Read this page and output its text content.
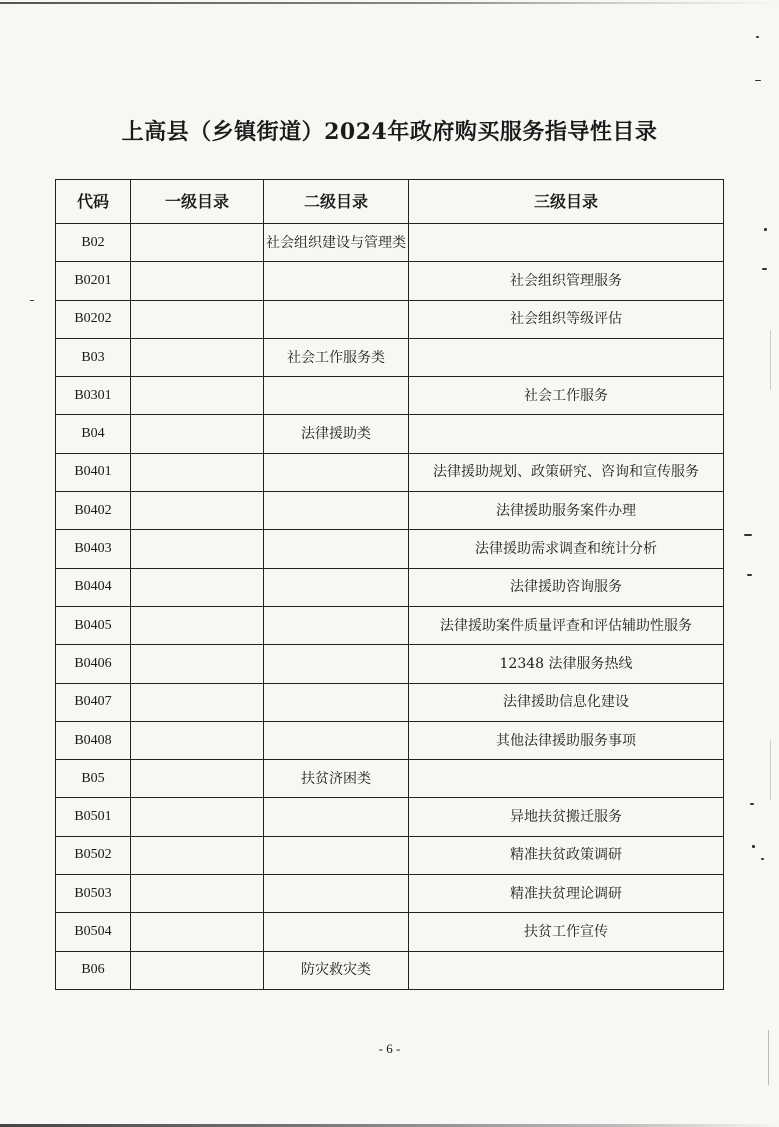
上高县（乡镇街道）2024年政府购买服务指导性目录
代码	一级目录	二级目录	三级目录
B02		社会组织建设与管理类	
B0201			社会组织管理服务
B0202			社会组织等级评估
B03		社会工作服务类	
B0301			社会工作服务
B04		法律援助类	
B0401			法律援助规划、政策研究、咨询和宣传服务
B0402			法律援助服务案件办理
B0403			法律援助需求调查和统计分析
B0404			法律援助咨询服务
B0405			法律援助案件质量评查和评估辅助性服务
B0406			12348 法律服务热线
B0407			法律援助信息化建设
B0408			其他法律援助服务事项
B05		扶贫济困类	
B0501			异地扶贫搬迁服务
B0502			精准扶贫政策调研
B0503			精准扶贫理论调研
B0504			扶贫工作宣传
B06		防灾救灾类	
- 6 -
